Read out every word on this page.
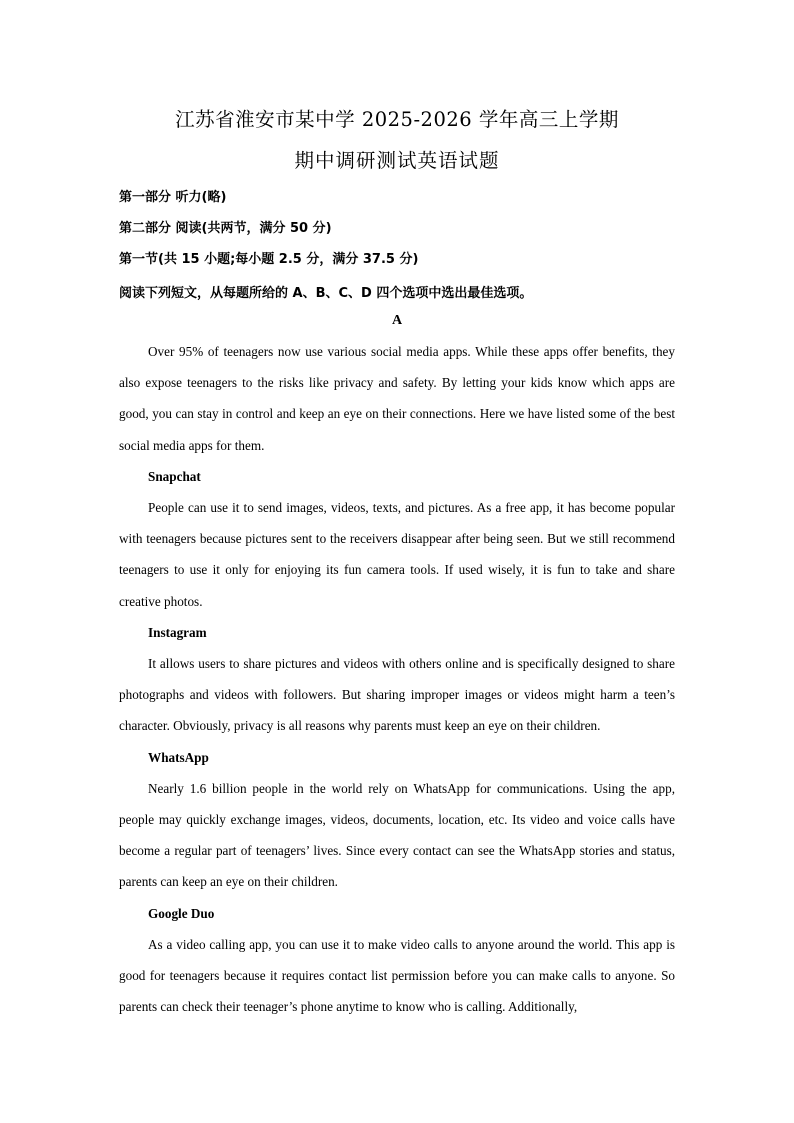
江苏省淮安市某中学 2025-2026 学年高三上学期
期中调研测试英语试题
第一部分 听力(略)
第二部分 阅读(共两节，满分 50 分)
第一节(共 15 小题;每小题 2.5 分，满分 37.5 分)
阅读下列短文，从每题所给的 A、B、C、D 四个选项中选出最佳选项。
A

Over 95% of teenagers now use various social media apps. While these apps offer benefits, they also expose teenagers to the risks like privacy and safety. By letting your kids know which apps are good, you can stay in control and keep an eye on their connections. Here we have listed some of the best social media apps for them.

Snapchat

People can use it to send images, videos, texts, and pictures. As a free app, it has become popular with teenagers because pictures sent to the receivers disappear after being seen. But we still recommend teenagers to use it only for enjoying its fun camera tools. If used wisely, it is fun to take and share creative photos.

Instagram

It allows users to share pictures and videos with others online and is specifically designed to share photographs and videos with followers. But sharing improper images or videos might harm a teen’s character. Obviously, privacy is all reasons why parents must keep an eye on their children.

WhatsApp

Nearly 1.6 billion people in the world rely on WhatsApp for communications. Using the app, people may quickly exchange images, videos, documents, location, etc. Its video and voice calls have become a regular part of teenagers’ lives. Since every contact can see the WhatsApp stories and status, parents can keep an eye on their children.

Google Duo

As a video calling app, you can use it to make video calls to anyone around the world. This app is good for teenagers because it requires contact list permission before you can make calls to anyone. So parents can check their teenager’s phone anytime to know who is calling. Additionally,
